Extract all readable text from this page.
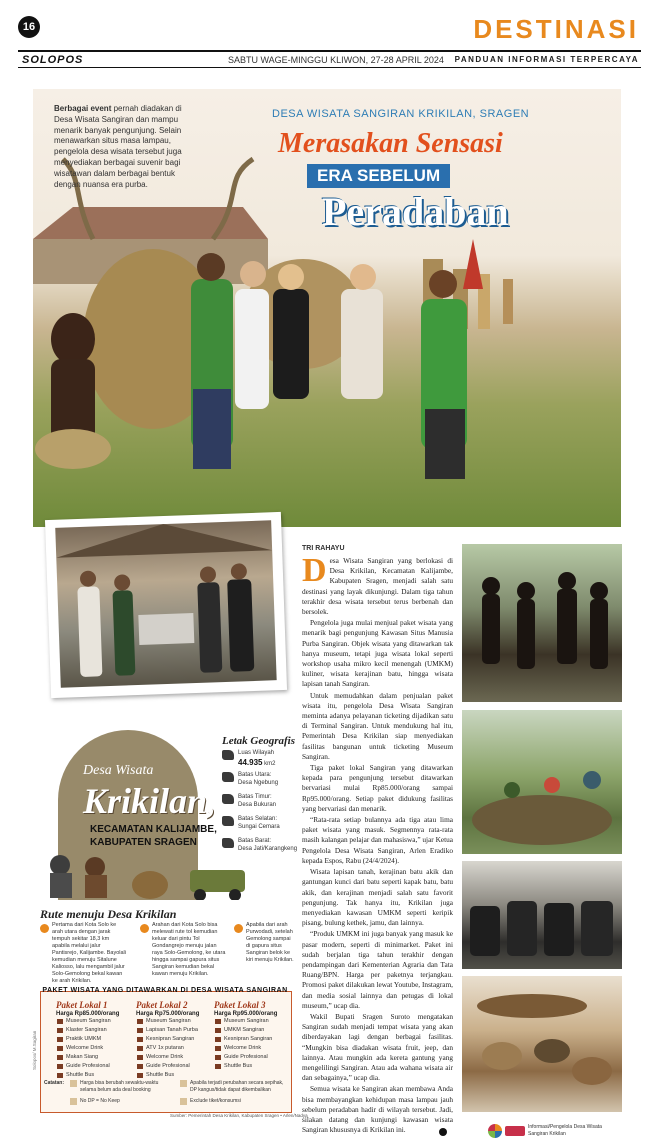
16	DESTINASI
SOLOPOS	SABTU WAGE-MINGGU KLIWON, 27-28 APRIL 2024 PANDUAN INFORMASI TERPERCAYA
Berbagai event pernah diadakan di Desa Wisata Sangiran dan mampu menarik banyak pengunjung. Selain menawarkan situs masa lampau, pengelola desa wisata tersebut juga menyediakan berbagai suvenir bagi wisatawan dalam berbagai bentuk dengan nuansa era purba.
DESA WISATA SANGIRAN KRIKILAN, SRAGEN
Merasakan Sensasi
ERA SEBELUM
Peradaban
Desa Wisata
Krikilan,
KECAMATAN KALIJAMBE,
KABUPATEN SRAGEN
Letak Geografis
Luas Wilayah
44.935 km2
Batas Utara:
Desa Ngebung
Batas Timur:
Desa Bukuran
Batas Selatan:
Sungai Cemara
Batas Barat:
Desa Jati/Karangkeng
Rute menuju Desa Krikilan
Pertama dari Kota Solo ke arah utara dengan jarak tempuh sekitar 18,3 km apabila melalui jalur Pantisrejo, Kalijambe. Bayolali kemudian menuju Sitalune Kaliosso, lalu mengambil jalur Solo-Gemolong bekal kawan ke arah Krikilan.
Arahan dari Kota Solo bisa melewati rute tol kemudian keluar dari pintu Tol Gondangrejo menuju jalan raya Solo-Gemolong, ke utara hingga sampai gapura situs Sangiran kemudian bekal kawan menuju Krikilan.
Apabila dari arah Purwodadi, setelah Gemolong sampai di gapura situs Sangiran belok ke kiri menuju Krikilan.
PAKET WISATA YANG DITAWARKAN DI DESA WISATA SANGIRAN
Paket Lokal 1
Harga Rp85.000/orang
Museum Sangiran
Klaster Sangiran
Praktik UMKM
Welcome Drink
Makan Siang
Guide Profesional
Shuttle Bus
Paket Lokal 2
Harga Rp75.000/orang
Museum Sangiran
Lapisan Tanah Purba
Kesnipran Sangiran
ATV 1x putaran
Welcome Drink
Guide Profesional
Shuttle Bus
Paket Lokal 3
Harga Rp95.000/orang
Museum Sangiran
UMKM Sangiran
Kesnipran Sangiran
Welcome Drink
Guide Profesional
Shuttle Bus
Catatan:	Harga bisa berubah sewaktu-waktu selama belum ada deal booking
Apabila terjadi perubahan secara sepihak, DP kangus/tidak dapat dikembalikan
No DP = No Keep	Exclude tiket/konsumsi
Solopos/ M.Sagiran
Sumber: Pemerintah Desa Krikilan, Kabupaten Sragen • Arlen/Nadya
TRI RAHAYU

Desa Wisata Sangiran yang berlokasi di Desa Krikilan, Kecamatan Kalijambe, Kabupaten Sragen, menjadi salah satu destinasi yang layak dikunjungi. Dalam tiga tahun terakhir desa wisata tersebut terus berbenah dan bersolek.

Pengelola juga mulai menjual paket wisata yang menarik bagi pengunjung Kawasan Situs Manusia Purba Sangiran. Objek wisata yang ditawarkan tak hanya museum, tetapi juga wisata lokal seperti workshop usaha mikro kecil menengah (UMKM) kuliner, wisata kerajinan batu, hingga wisata lapisan tanah Sangiran.

Untuk memudahkan dalam penjualan paket wisata itu, pengelola Desa Wisata Sangiran meminta adanya pelayanan ticketing dijadikan satu di Terminal Sangiran. Untuk mendukung hal itu, Pemerintah Desa Krikilan siap menyediakan fasilitas bangunan untuk ticketing Museum Sangiran.

Tiga paket lokal Sangiran yang ditawarkan kepada para pengunjung tersebut ditawarkan bervariasi mulai Rp85.000/orang sampai Rp95.000/orang. Setiap paket didukung fasilitas yang bervariasi dan menarik.

“Rata-rata setiap bulannya ada tiga atau lima paket wisata yang masuk. Segmennya rata-rata masih kalangan pelajar dan mahasiswa,” ujar Ketua Pengelola Desa Wisata Sangiran, Arlen Eradiko kepada Espos, Rabu (24/4/2024).

Wisata lapisan tanah, kerajinan batu akik dan gantungan kunci dari batu seperti kapak batu, batu akik, dan kerajinan menjadi salah satu favorit pengunjung. Tak hanya itu, Krikilan juga menyediakan kawasan UMKM seperti keripik pisang, bulung kethek, jamu, dan lainnya.

“Produk UMKM ini juga banyak yang masuk ke pasar modern, seperti di minimarket. Paket ini sudah berjalan tiga tahun terakhir dengan pendampingan dari Kementerian Agraria dan Tata Ruang/BPN. Harga per paketnya terjangkau. Promosi paket dilakukan lewat Youtube, Instagram, dan media sosial lainnya dan petugas di lokal museum,” ucap dia.

Wakil Bupati Sragen Suroto mengatakan Sangiran sudah menjadi tempat wisata yang akan diberdayakan lagi dengan berbagai fasilitas. “Mungkin bisa diadakan wisata fruit, jeep, dan lainnya. Atau mungkin ada kereta gantung yang mengelilingi Sangiran. Atau ada wahana wisata air dan sebagainya,” ucap dia.

Semua wisata ke Sangiran akan membawa Anda bisa membayangkan kehidupan masa lampau jauh sebelum peradaban hadir di wilayah tersebut. Jadi, silakan datang dan kunjungi kawasan wisata Sangiran khususnya di Krikilan ini.	Informasi/Pengelola Desa Wisata Sangiran Krikilan
